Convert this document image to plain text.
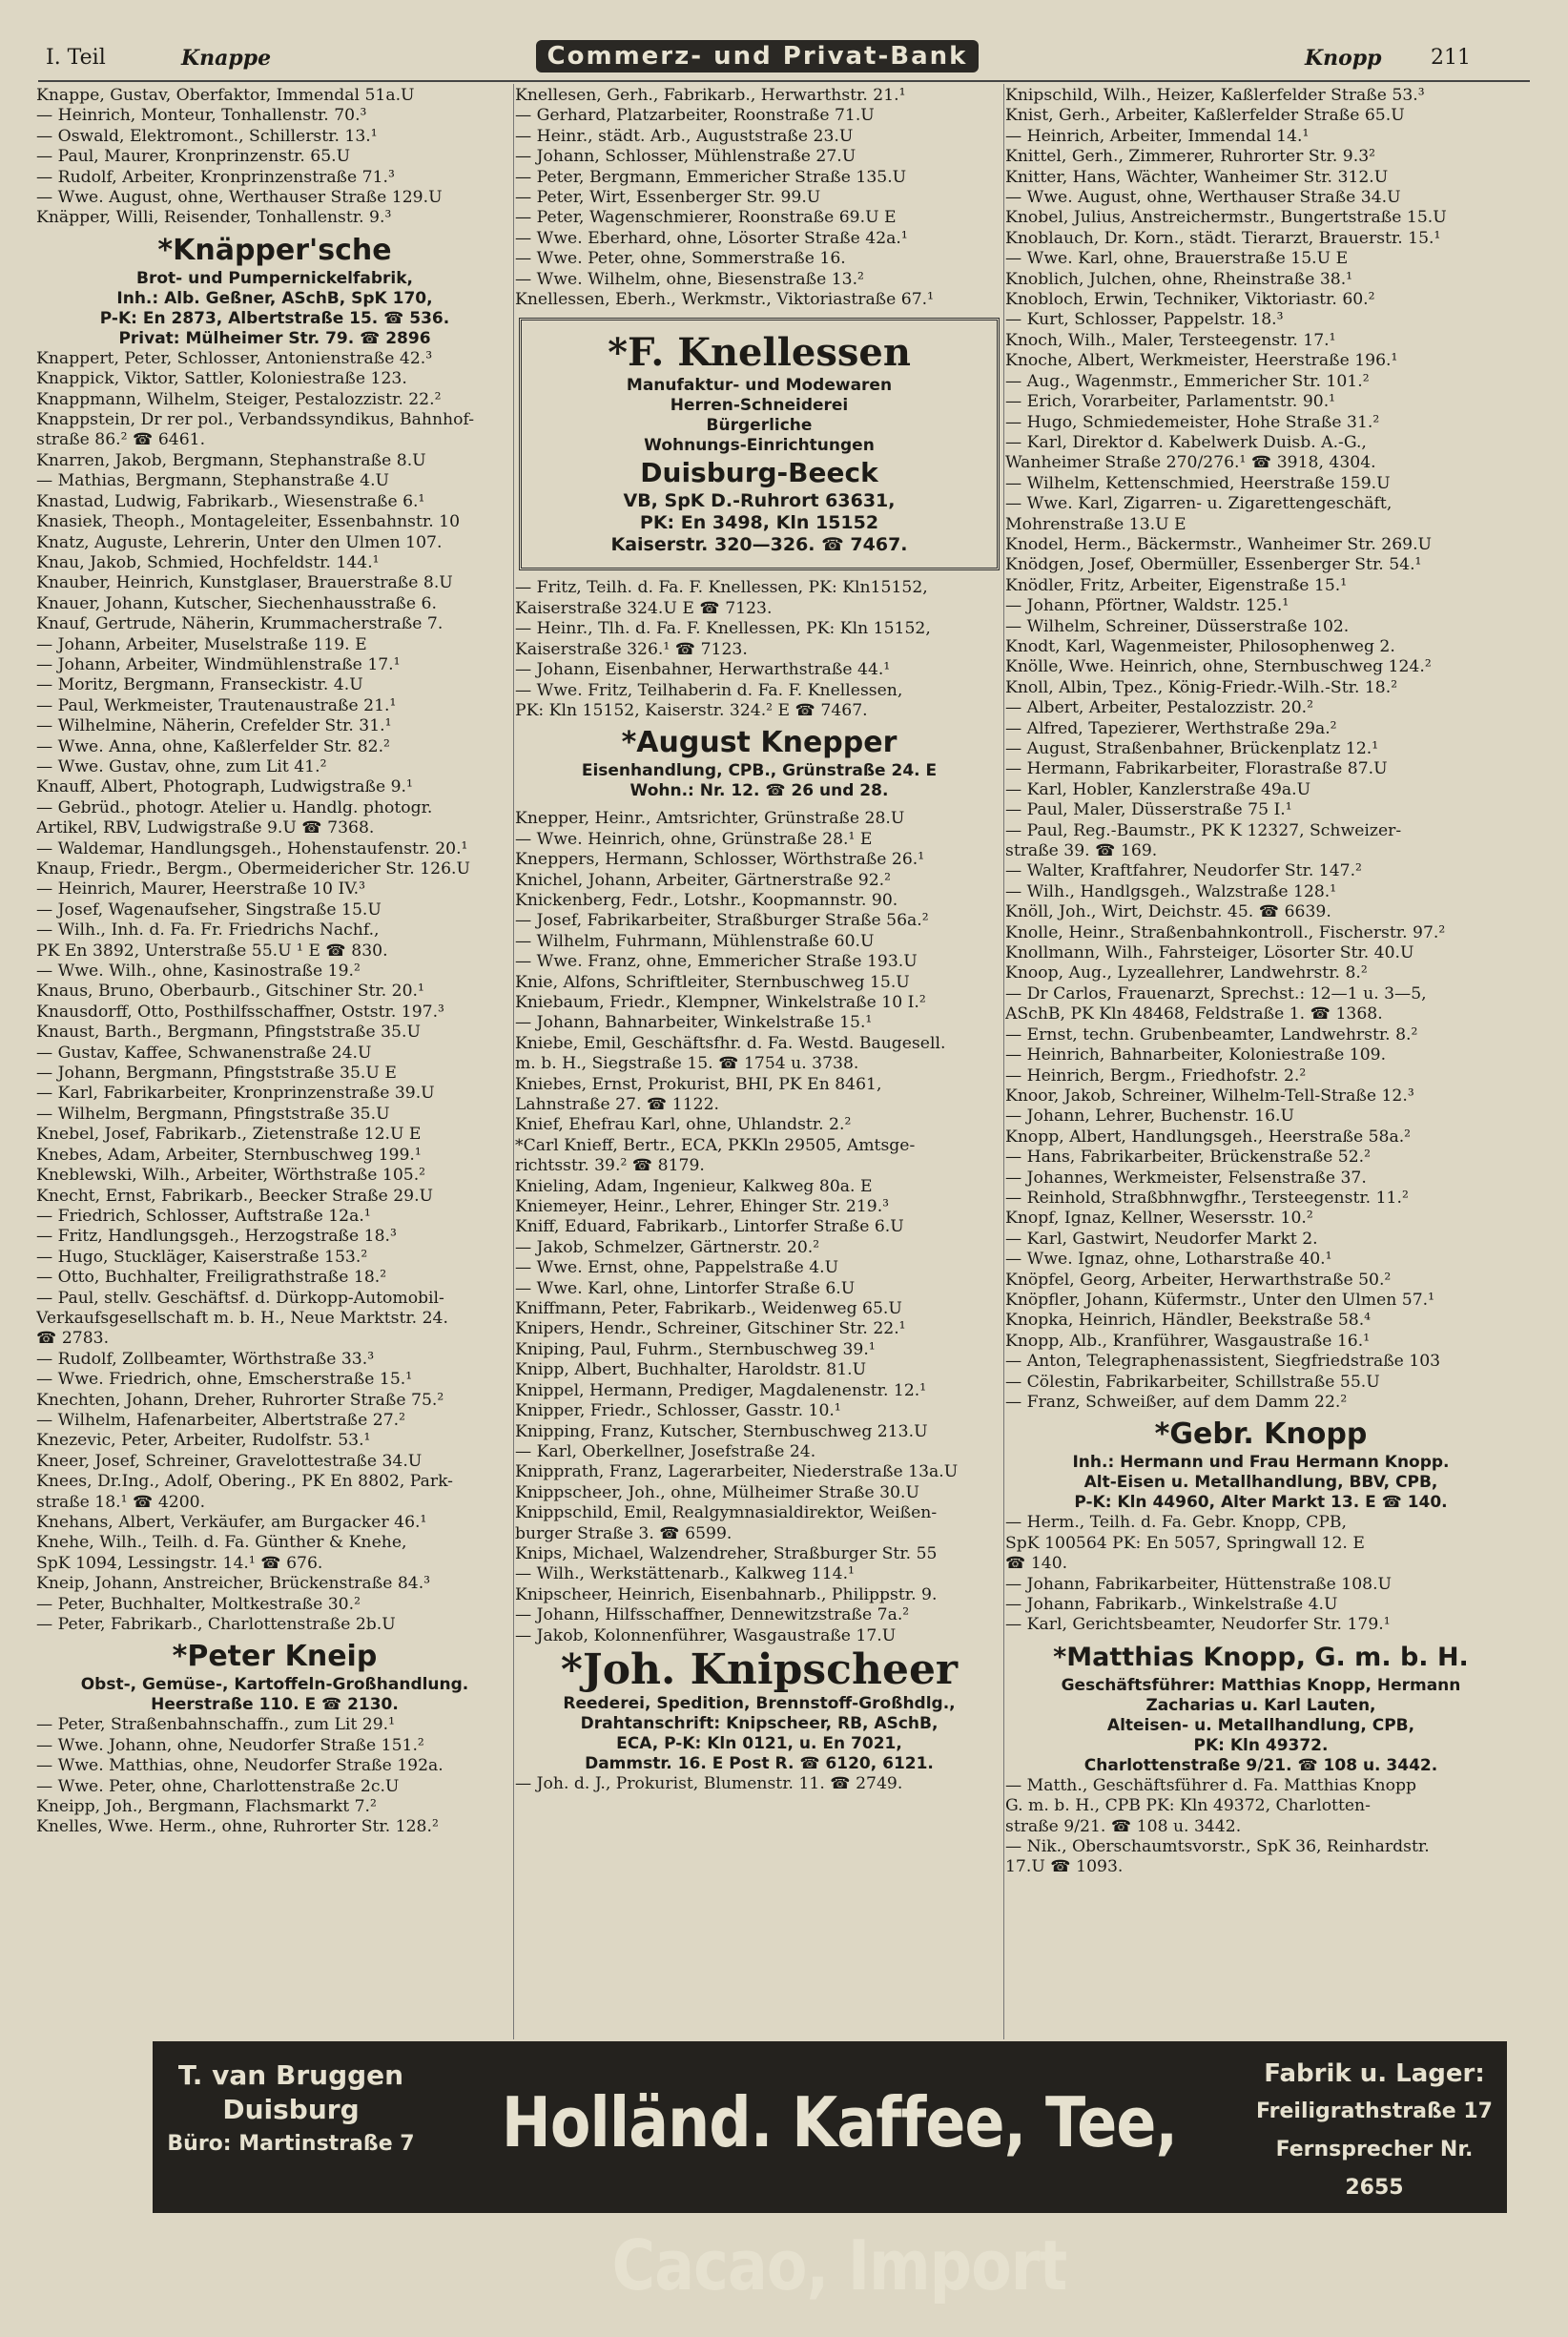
I. Teil	Knappe	Commerz- und Privat-Bank	Knopp 211
Knappe, Gustav, Oberfaktor, Immendal 51a.U
— Heinrich, Monteur, Tonhallenstr. 70.³
— Oswald, Elektromont., Schillerstr. 13.¹
— Paul, Maurer, Kronprinzenstr. 65.U
— Rudolf, Arbeiter, Kronprinzenstraße 71.³
— Wwe. August, ohne, Werthauser Straße 129.U
Knäpper, Willi, Reisender, Tonhallenstr. 9.³
*Knäpper'sche
Brot- und Pumpernickelfabrik,
Inh.: Alb. Geßner, ASchB, SpK 170,
P-K: En 2873, Albertstraße 15. ☎ 536.
Privat: Mülheimer Str. 79. ☎ 2896
Knappert, Peter, Schlosser, Antonienstraße 42.³
Knappick, Viktor, Sattler, Koloniestraße 123.
Knappmann, Wilhelm, Steiger, Pestalozzistr. 22.²
Knappstein, Dr rer pol., Verbandssyndikus, Bahnhof-
straße 86.² ☎ 6461.
Knarren, Jakob, Bergmann, Stephanstraße 8.U
— Mathias, Bergmann, Stephanstraße 4.U
Knastad, Ludwig, Fabrikarb., Wiesenstraße 6.¹
Knasiek, Theoph., Montageleiter, Essenbahnstr. 10
Knatz, Auguste, Lehrerin, Unter den Ulmen 107.
Knau, Jakob, Schmied, Hochfeldstr. 144.¹
Knauber, Heinrich, Kunstglaser, Brauerstraße 8.U
Knauer, Johann, Kutscher, Siechenhausstraße 6.
Knauf, Gertrude, Näherin, Krummacherstraße 7.
— Johann, Arbeiter, Muselstraße 119. E
— Johann, Arbeiter, Windmühlenstraße 17.¹
— Moritz, Bergmann, Franseckistr. 4.U
— Paul, Werkmeister, Trautenaustraße 21.¹
— Wilhelmine, Näherin, Crefelder Str. 31.¹
— Wwe. Anna, ohne, Kaßlerfelder Str. 82.²
— Wwe. Gustav, ohne, zum Lit 41.²
Knauff, Albert, Photograph, Ludwigstraße 9.¹
— Gebrüd., photogr. Atelier u. Handlg. photogr.
Artikel, RBV, Ludwigstraße 9.U ☎ 7368.
— Waldemar, Handlungsgeh., Hohenstaufenstr. 20.¹
Knaup, Friedr., Bergm., Obermeidericher Str. 126.U
— Heinrich, Maurer, Heerstraße 10 IV.³
— Josef, Wagenaufseher, Singstraße 15.U
— Wilh., Inh. d. Fa. Fr. Friedrichs Nachf.,
PK En 3892, Unterstraße 55.U ¹ E ☎ 830.
— Wwe. Wilh., ohne, Kasinostraße 19.²
Knaus, Bruno, Oberbaurb., Gitschiner Str. 20.¹
Knausdorff, Otto, Posthilfsschaffner, Oststr. 197.³
Knaust, Barth., Bergmann, Pfingststraße 35.U
— Gustav, Kaffee, Schwanenstraße 24.U
— Johann, Bergmann, Pfingststraße 35.U E
— Karl, Fabrikarbeiter, Kronprinzenstraße 39.U
— Wilhelm, Bergmann, Pfingststraße 35.U
Knebel, Josef, Fabrikarb., Zietenstraße 12.U E
Knebes, Adam, Arbeiter, Sternbuschweg 199.¹
Kneblewski, Wilh., Arbeiter, Wörthstraße 105.²
Knecht, Ernst, Fabrikarb., Beecker Straße 29.U
— Friedrich, Schlosser, Auftstraße 12a.¹
— Fritz, Handlungsgeh., Herzogstraße 18.³
— Hugo, Stuckläger, Kaiserstraße 153.²
— Otto, Buchhalter, Freiligrathstraße 18.²
— Paul, stellv. Geschäftsf. d. Dürkopp-Automobil-
Verkaufsgesellschaft m. b. H., Neue Marktstr. 24.
☎ 2783.
— Rudolf, Zollbeamter, Wörthstraße 33.³
— Wwe. Friedrich, ohne, Emscherstraße 15.¹
Knechten, Johann, Dreher, Ruhrorter Straße 75.²
— Wilhelm, Hafenarbeiter, Albertstraße 27.²
Knezevic, Peter, Arbeiter, Rudolfstr. 53.¹
Kneer, Josef, Schreiner, Gravelottestraße 34.U
Knees, Dr.Ing., Adolf, Obering., PK En 8802, Park-
straße 18.¹ ☎ 4200.
Knehans, Albert, Verkäufer, am Burgacker 46.¹
Knehe, Wilh., Teilh. d. Fa. Günther & Knehe,
SpK 1094, Lessingstr. 14.¹ ☎ 676.
Kneip, Johann, Anstreicher, Brückenstraße 84.³
— Peter, Buchhalter, Moltkestraße 30.²
— Peter, Fabrikarb., Charlottenstraße 2b.U
*Peter Kneip
Obst-, Gemüse-, Kartoffeln-Großhandlung.
Heerstraße 110. E ☎ 2130.
— Peter, Straßenbahnschaffn., zum Lit 29.¹
— Wwe. Johann, ohne, Neudorfer Straße 151.²
— Wwe. Matthias, ohne, Neudorfer Straße 192a.
— Wwe. Peter, ohne, Charlottenstraße 2c.U
Kneipp, Joh., Bergmann, Flachsmarkt 7.²
Knelles, Wwe. Herm., ohne, Ruhrorter Str. 128.²
Knellesen, Gerh., Fabrikarb., Herwarthstr. 21.¹
— Gerhard, Platzarbeiter, Roonstraße 71.U
— Heinr., städt. Arb., Auguststraße 23.U
— Johann, Schlosser, Mühlenstraße 27.U
— Peter, Bergmann, Emmericher Straße 135.U
— Peter, Wirt, Essenberger Str. 99.U
— Peter, Wagenschmierer, Roonstraße 69.U E
— Wwe. Eberhard, ohne, Lösorter Straße 42a.¹
— Wwe. Peter, ohne, Sommerstraße 16.
— Wwe. Wilhelm, ohne, Biesenstraße 13.²
Knellessen, Eberh., Werkmstr., Viktoriastraße 67.¹
*F. Knellessen
Manufaktur- und Modewaren
Herren-Schneiderei
Bürgerliche
Wohnungs-Einrichtungen
Duisburg-Beeck
VB, SpK D.-Ruhrort 63631,
PK: En 3498, Kln 15152
Kaiserstr. 320—326. ☎ 7467.
— Fritz, Teilh. d. Fa. F. Knellessen, PK: Kln15152,
Kaiserstraße 324.U E ☎ 7123.
— Heinr., Tlh. d. Fa. F. Knellessen, PK: Kln 15152,
Kaiserstraße 326.¹ ☎ 7123.
— Johann, Eisenbahner, Herwarthstraße 44.¹
— Wwe. Fritz, Teilhaberin d. Fa. F. Knellessen,
PK: Kln 15152, Kaiserstr. 324.² E ☎ 7467.
*August Knepper
Eisenhandlung, CPB., Grünstraße 24. E
Wohn.: Nr. 12. ☎ 26 und 28.
Knepper, Heinr., Amtsrichter, Grünstraße 28.U
— Wwe. Heinrich, ohne, Grünstraße 28.¹ E
Kneppers, Hermann, Schlosser, Wörthstraße 26.¹
Knichel, Johann, Arbeiter, Gärtnerstraße 92.²
Knickenberg, Fedr., Lotshr., Koopmannstr. 90.
— Josef, Fabrikarbeiter, Straßburger Straße 56a.²
— Wilhelm, Fuhrmann, Mühlenstraße 60.U
— Wwe. Franz, ohne, Emmericher Straße 193.U
Knie, Alfons, Schriftleiter, Sternbuschweg 15.U
Kniebaum, Friedr., Klempner, Winkelstraße 10 I.²
— Johann, Bahnarbeiter, Winkelstraße 15.¹
Kniebe, Emil, Geschäftsfhr. d. Fa. Westd. Baugesell.
m. b. H., Siegstraße 15. ☎ 1754 u. 3738.
Kniebes, Ernst, Prokurist, BHI, PK En 8461,
Lahnstraße 27. ☎ 1122.
Knief, Ehefrau Karl, ohne, Uhlandstr. 2.²
*Carl Knieff, Bertr., ECA, PKKln 29505, Amtsge-
richtsstr. 39.² ☎ 8179.
Knieling, Adam, Ingenieur, Kalkweg 80a. E
Kniemeyer, Heinr., Lehrer, Ehinger Str. 219.³
Kniff, Eduard, Fabrikarb., Lintorfer Straße 6.U
— Jakob, Schmelzer, Gärtnerstr. 20.²
— Wwe. Ernst, ohne, Pappelstraße 4.U
— Wwe. Karl, ohne, Lintorfer Straße 6.U
Kniffmann, Peter, Fabrikarb., Weidenweg 65.U
Knipers, Hendr., Schreiner, Gitschiner Str. 22.¹
Kniping, Paul, Fuhrm., Sternbuschweg 39.¹
Knipp, Albert, Buchhalter, Haroldstr. 81.U
Knippel, Hermann, Prediger, Magdalenenstr. 12.¹
Knipper, Friedr., Schlosser, Gasstr. 10.¹
Knipping, Franz, Kutscher, Sternbuschweg 213.U
— Karl, Oberkellner, Josefstraße 24.
Knipprath, Franz, Lagerarbeiter, Niederstraße 13a.U
Knippscheer, Joh., ohne, Mülheimer Straße 30.U
Knippschild, Emil, Realgymnasialdirektor, Weißen-
burger Straße 3. ☎ 6599.
Knips, Michael, Walzendreher, Straßburger Str. 55
— Wilh., Werkstättenarb., Kalkweg 114.¹
Knipscheer, Heinrich, Eisenbahnarb., Philippstr. 9.
— Johann, Hilfsschaffner, Dennewitzstraße 7a.²
— Jakob, Kolonnenführer, Wasgaustraße 17.U
*Joh. Knipscheer
Reederei, Spedition, Brennstoff-Großhdlg.,
Drahtanschrift: Knipscheer, RB, ASchB,
ECA, P-K: Kln 0121, u. En 7021,
Dammstr. 16. E Post R. ☎ 6120, 6121.
— Joh. d. J., Prokurist, Blumenstr. 11. ☎ 2749.
Knipschild, Wilh., Heizer, Kaßlerfelder Straße 53.³
Knist, Gerh., Arbeiter, Kaßlerfelder Straße 65.U
— Heinrich, Arbeiter, Immendal 14.¹
Knittel, Gerh., Zimmerer, Ruhrorter Str. 9.3²
Knitter, Hans, Wächter, Wanheimer Str. 312.U
— Wwe. August, ohne, Werthauser Straße 34.U
Knobel, Julius, Anstreichermstr., Bungertstraße 15.U
Knoblauch, Dr. Korn., städt. Tierarzt, Brauerstr. 15.¹
— Wwe. Karl, ohne, Brauerstraße 15.U E
Knoblich, Julchen, ohne, Rheinstraße 38.¹
Knobloch, Erwin, Techniker, Viktoriastr. 60.²
— Kurt, Schlosser, Pappelstr. 18.³
Knoch, Wilh., Maler, Tersteegenstr. 17.¹
Knoche, Albert, Werkmeister, Heerstraße 196.¹
— Aug., Wagenmstr., Emmericher Str. 101.²
— Erich, Vorarbeiter, Parlamentstr. 90.¹
— Hugo, Schmiedemeister, Hohe Straße 31.²
— Karl, Direktor d. Kabelwerk Duisb. A.-G.,
Wanheimer Straße 270/276.¹ ☎ 3918, 4304.
— Wilhelm, Kettenschmied, Heerstraße 159.U
— Wwe. Karl, Zigarren- u. Zigarettengeschäft,
Mohrenstraße 13.U E
Knodel, Herm., Bäckermstr., Wanheimer Str. 269.U
Knödgen, Josef, Obermüller, Essenberger Str. 54.¹
Knödler, Fritz, Arbeiter, Eigenstraße 15.¹
— Johann, Pförtner, Waldstr. 125.¹
— Wilhelm, Schreiner, Düsserstraße 102.
Knodt, Karl, Wagenmeister, Philosophenweg 2.
Knölle, Wwe. Heinrich, ohne, Sternbuschweg 124.²
Knoll, Albin, Tpez., König-Friedr.-Wilh.-Str. 18.²
— Albert, Arbeiter, Pestalozzistr. 20.²
— Alfred, Tapezierer, Werthstraße 29a.²
— August, Straßenbahner, Brückenplatz 12.¹
— Hermann, Fabrikarbeiter, Florastraße 87.U
— Karl, Hobler, Kanzlerstraße 49a.U
— Paul, Maler, Düsserstraße 75 I.¹
— Paul, Reg.-Baumstr., PK K 12327, Schweizer-
straße 39. ☎ 169.
— Walter, Kraftfahrer, Neudorfer Str. 147.²
— Wilh., Handlgsgeh., Walzstraße 128.¹
Knöll, Joh., Wirt, Deichstr. 45. ☎ 6639.
Knolle, Heinr., Straßenbahnkontroll., Fischerstr. 97.²
Knollmann, Wilh., Fahrsteiger, Lösorter Str. 40.U
Knoop, Aug., Lyzeallehrer, Landwehrstr. 8.²
— Dr Carlos, Frauenarzt, Sprechst.: 12—1 u. 3—5,
ASchB, PK Kln 48468, Feldstraße 1. ☎ 1368.
— Ernst, techn. Grubenbeamter, Landwehrstr. 8.²
— Heinrich, Bahnarbeiter, Koloniestraße 109.
— Heinrich, Bergm., Friedhofstr. 2.²
Knoor, Jakob, Schreiner, Wilhelm-Tell-Straße 12.³
— Johann, Lehrer, Buchenstr. 16.U
Knopp, Albert, Handlungsgeh., Heerstraße 58a.²
— Hans, Fabrikarbeiter, Brückenstraße 52.²
— Johannes, Werkmeister, Felsenstraße 37.
— Reinhold, Straßbhnwgfhr., Tersteegenstr. 11.²
Knopf, Ignaz, Kellner, Wesersstr. 10.²
— Karl, Gastwirt, Neudorfer Markt 2.
— Wwe. Ignaz, ohne, Lotharstraße 40.¹
Knöpfel, Georg, Arbeiter, Herwarthstraße 50.²
Knöpfler, Johann, Küfermstr., Unter den Ulmen 57.¹
Knopka, Heinrich, Händler, Beekstraße 58.⁴
Knopp, Alb., Kranführer, Wasgaustraße 16.¹
— Anton, Telegraphenassistent, Siegfriedstraße 103
— Cölestin, Fabrikarbeiter, Schillstraße 55.U
— Franz, Schweißer, auf dem Damm 22.²
*Gebr. Knopp
Inh.: Hermann und Frau Hermann Knopp.
Alt-Eisen u. Metallhandlung, BBV, CPB,
P-K: Kln 44960, Alter Markt 13. E ☎ 140.
— Herm., Teilh. d. Fa. Gebr. Knopp, CPB,
SpK 100564 PK: En 5057, Springwall 12. E
☎ 140.
— Johann, Fabrikarbeiter, Hüttenstraße 108.U
— Johann, Fabrikarb., Winkelstraße 4.U
— Karl, Gerichtsbeamter, Neudorfer Str. 179.¹
*Matthias Knopp, G. m. b. H.
Geschäftsführer: Matthias Knopp, Hermann
Zacharias u. Karl Lauten,
Alteisen- u. Metallhandlung, CPB,
PK: Kln 49372.
Charlottenstraße 9/21. ☎ 108 u. 3442.
— Matth., Geschäftsführer d. Fa. Matthias Knopp
G. m. b. H., CPB PK: Kln 49372, Charlotten-
straße 9/21. ☎ 108 u. 3442.
— Nik., Oberschaumtsvorstr., SpK 36, Reinhardstr.
17.U ☎ 1093.
T. van Bruggen
Duisburg
Büro: Martinstraße 7 Holländ. Kaffee, Tee, Cacao, Import
Fabrik u. Lager:
Freiligrathstraße 17
Fernsprecher Nr. 2655
